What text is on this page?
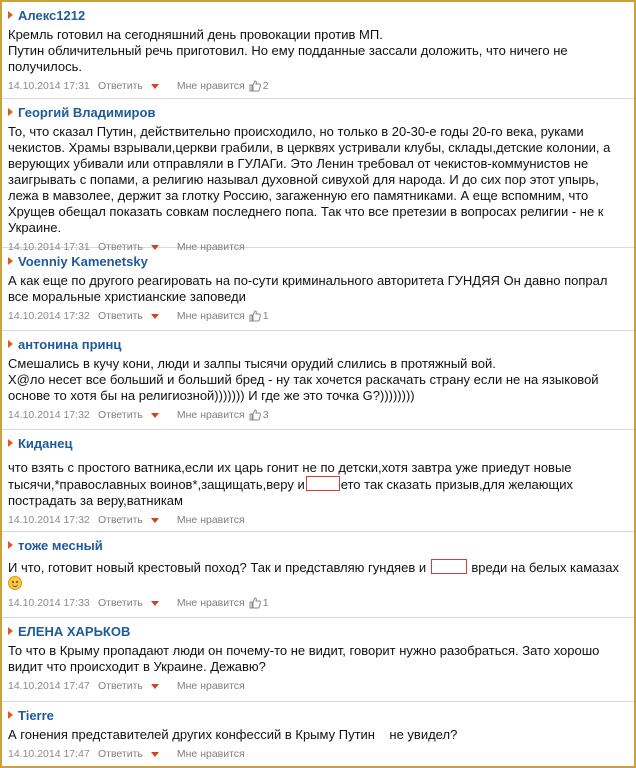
Алекс1212
Кремль готовил на сегодняшний день провокации против МП.
Путин обличительный речь приготовил. Но ему подданные засcали доложить, что ничего не получилось.
14.10.2014 17:31 Ответить	Мне нравится 2
Георгий Владимиров
То, что сказал Путин, действительно происходило, но только в 20-30-е годы 20-го века, руками чекистов. Храмы взрывали,церкви грабили, в церквях устривали клубы, склады,детские колонии, а верующих убивали или отправляли в ГУЛАГи. Это Ленин требовал от чекистов-коммунистов не заигрывать с попами, а религию называл духовной сивухой для народа. И до сих пор этот упырь, лежа в мавзолее, держит за глотку Россию, загаженную его памятниками. А еще вспомним, что Хрущев обещал показать совкам последнего попа. Так что все претезии в вопросах религии - не к Украине.
14.10.2014 17:31 Ответить	Мне нравится
Voenniy Kamenetsky
А как еще по другого реагировать на по-сути криминального авторитета ГУНДЯЯ Он давно попрал все моральные христианские заповеди
14.10.2014 17:32 Ответить	Мне нравится 1
антонина принц
Смешались в кучу кони, люди и залпы тысячи орудий слились в протяжный вой.
Х@ло несет все больший и больший бред - ну так хочется раскачать страну если не на языковой основе то хотя бы на религиозной))))))) И где же это точка G?))))))))
14.10.2014 17:32 Ответить	Мне нравится 3
Киданец
что взять с простого ватника,если их царь гонит не по детски,хотя завтра уже приедут новые тысячи,*православных воинов*,защищать,веру и	ето так сказать призыв,для желающих пострадать за веру,ватникам
14.10.2014 17:32 Ответить	Мне нравится
тоже месный
И что, готовит новый крестовый поход? Так и представляю гундяев и	вреди на белых камазах

14.10.2014 17:33 Ответить	Мне нравится 1
ЕЛЕНА ХАРЬКОВ
То что в Крыму пропадают люди он почему-то не видит, говорит нужно разобраться. Зато хорошо видит что происходит в Украине. Дежавю?
14.10.2014 17:47 Ответить	Мне нравится
Tierre
А гонения представителей других конфессий в Крыму Путин    не увидел?
14.10.2014 17:47 Ответить	Мне нравится
